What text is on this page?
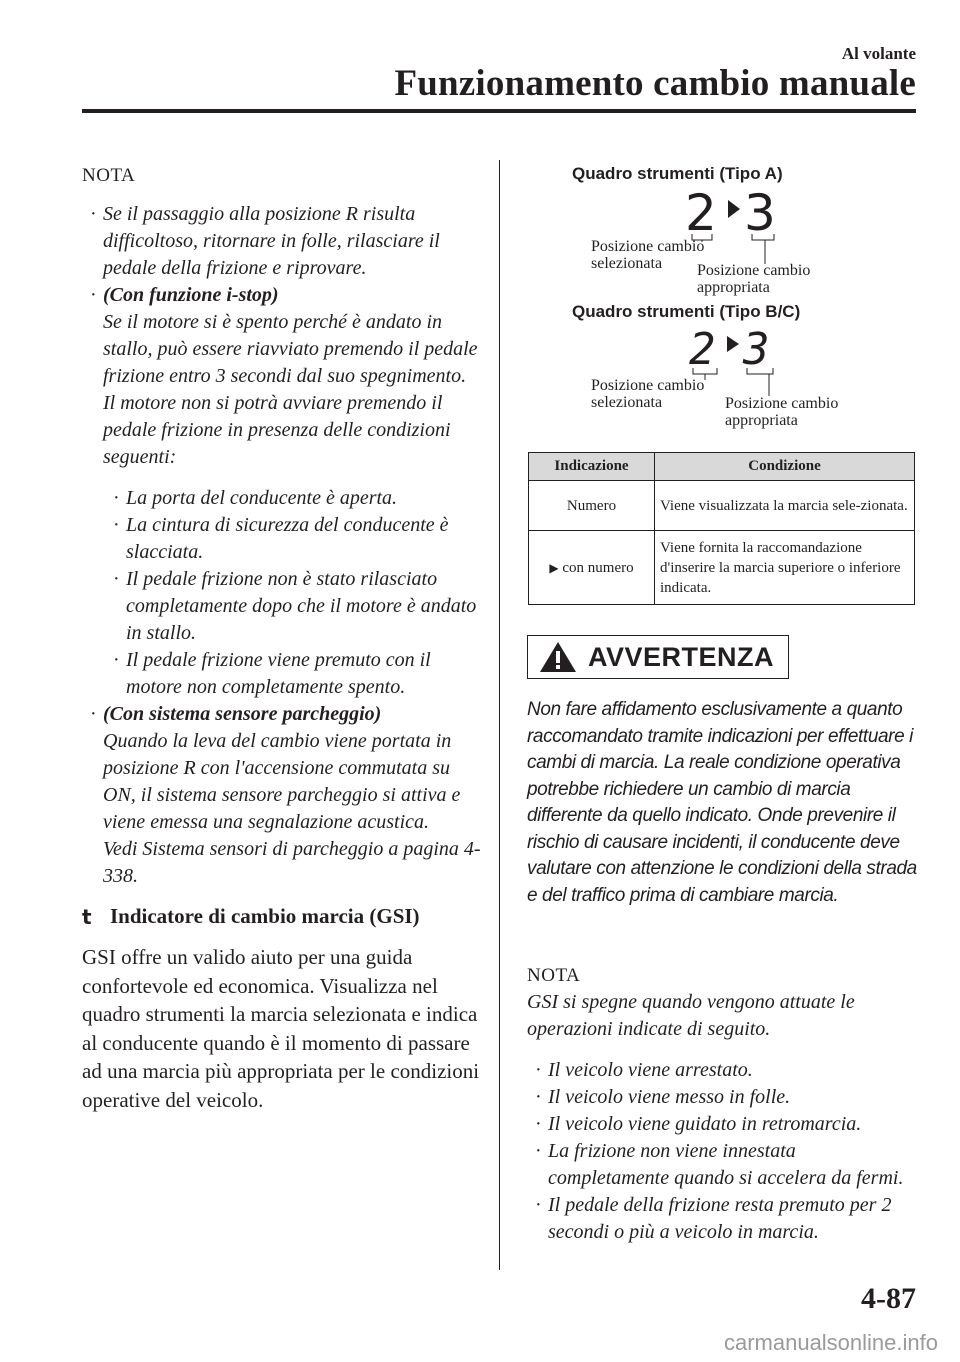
Al volante
Funzionamento cambio manuale
NOTA
· Se il passaggio alla posizione R risulta difficoltoso, ritornare in folle, rilasciare il pedale della frizione e riprovare.
· (Con funzione i-stop)
Se il motore si è spento perché è andato in stallo, può essere riavviato premendo il pedale frizione entro 3 secondi dal suo spegnimento.
Il motore non si potrà avviare premendo il pedale frizione in presenza delle condizioni seguenti:
· La porta del conducente è aperta.
· La cintura di sicurezza del conducente è slacciata.
· Il pedale frizione non è stato rilasciato completamente dopo che il motore è andato in stallo.
· Il pedale frizione viene premuto con il motore non completamente spento.
· (Con sistema sensore parcheggio)
Quando la leva del cambio viene portata in posizione R con l'accensione commutata su ON, il sistema sensore parcheggio si attiva e viene emessa una segnalazione acustica.
Vedi Sistema sensori di parcheggio a pagina 4-338.
t Indicatore di cambio marcia (GSI)
GSI offre un valido aiuto per una guida confortevole ed economica. Visualizza nel quadro strumenti la marcia selezionata e indica al conducente quando è il momento di passare ad una marcia più appropriata per le condizioni operative del veicolo.
Quadro strumenti (Tipo A)
2 3
Posizione cambio
selezionata	Posizione cambio
appropriata
Quadro strumenti (Tipo B/C)
2 3
Posizione cambio
selezionata	Posizione cambio
appropriata
Indicazione	Condizione
Numero	Viene visualizzata la marcia sele-zionata.
▶ con numero	Viene fornita la raccomandazione d'inserire la marcia superiore o inferiore indicata.
AVVERTENZA
Non fare affidamento esclusivamente a quanto raccomandato tramite indicazioni per effettuare i cambi di marcia. La reale condizione operativa potrebbe richiedere un cambio di marcia differente da quello indicato. Onde prevenire il rischio di causare incidenti, il conducente deve valutare con attenzione le condizioni della strada e del traffico prima di cambiare marcia.
NOTA
GSI si spegne quando vengono attuate le operazioni indicate di seguito.
· Il veicolo viene arrestato.
· Il veicolo viene messo in folle.
· Il veicolo viene guidato in retromarcia.
· La frizione non viene innestata completamente quando si accelera da fermi.
· Il pedale della frizione resta premuto per 2 secondi o più a veicolo in marcia.
4-87
carmanualsonline.info
